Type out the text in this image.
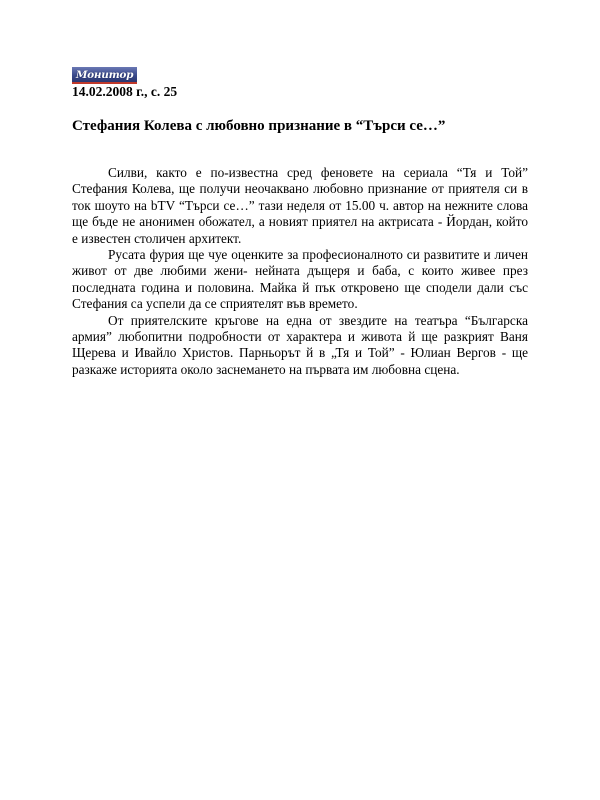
Монитор
14.02.2008 г., с. 25
Стефания Колева с любовно признание в “Търси се…”

Силви, както е по-известна сред феновете на сериала “Тя и Той” Стефания Колева, ще получи неочаквано любовно признание от приятеля си в ток шоуто на bTV “Търси се…” тази неделя от 15.00 ч. автор на нежните слова ще бъде не анонимен обожател, а новият приятел на актрисата - Йордан, който е известен столичен архитект.

Русата фурия ще чуе оценките за професионалното си развитите и личен живот от две любими жени- нейната дъщеря и баба, с които живее през последната година и половина. Майка й пък откровено ще сподели дали със Стефания са успели да се сприятелят във времето.

От приятелските кръгове на една от звездите на театъра “Българска армия” любопитни подробности от характера и живота й ще разкрият Ваня Щерева и Ивайло Христов. Парньорът й в „Тя и Той” - Юлиан Вергов - ще разкаже историята около заснемането на първата им любовна сцена.
